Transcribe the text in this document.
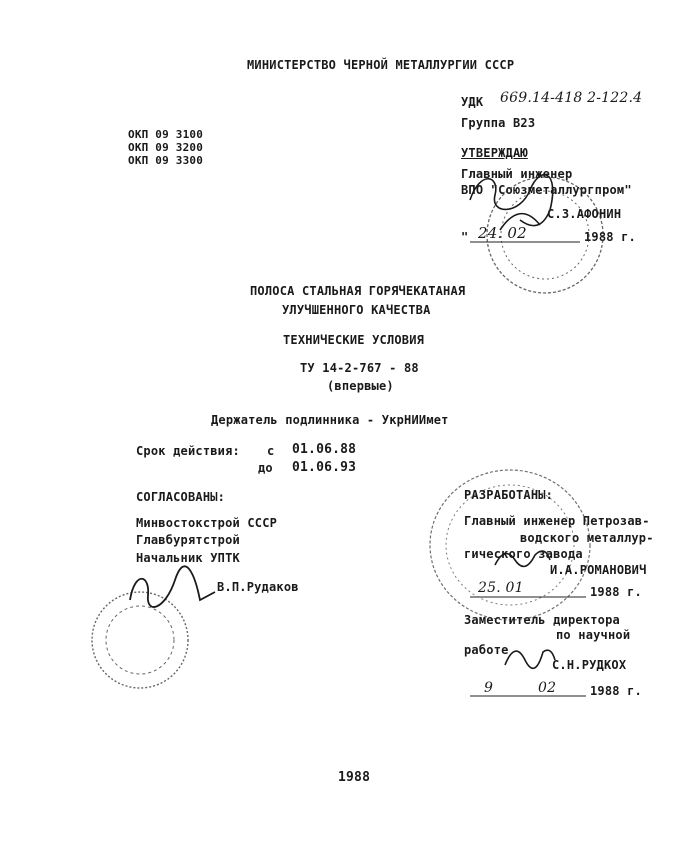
МИНИСТЕРСТВО ЧЕРНОЙ МЕТАЛЛУРГИИ СССР
УДК 669.14-418 2-122.4
Группа В23
ОКП 09 3100
ОКП 09 3200
ОКП 09 3300
УТВЕРЖДАЮ
Главный инженер
ВПО "Союзметаллургпром"
С.З.АФОНИН
" 24. 02	1988 г.
ПОЛОСА СТАЛЬНАЯ ГОРЯЧЕКАТАНАЯ
УЛУЧШЕННОГО КАЧЕСТВА
ТЕХНИЧЕСКИЕ УСЛОВИЯ
ТУ 14-2-767 - 88
(впервые)
Держатель подлинника - УкрНИИмет
Срок действия: с 01.06.88
до 01.06.93
СОГЛАСОВАНЫ:
Минвостокстрой СССР
Главбурятстрой
Начальник УПТК
В.П.Рудаков
РАЗРАБОТАНЫ:
Главный инженер Петрозав-
водского металлур-
гического завода
И.А.РОМАНОВИЧ
25. 01	1988 г.
Заместитель директора
по научной
работе
С.Н.РУДКОХ
9	02	1988 г.
1988
